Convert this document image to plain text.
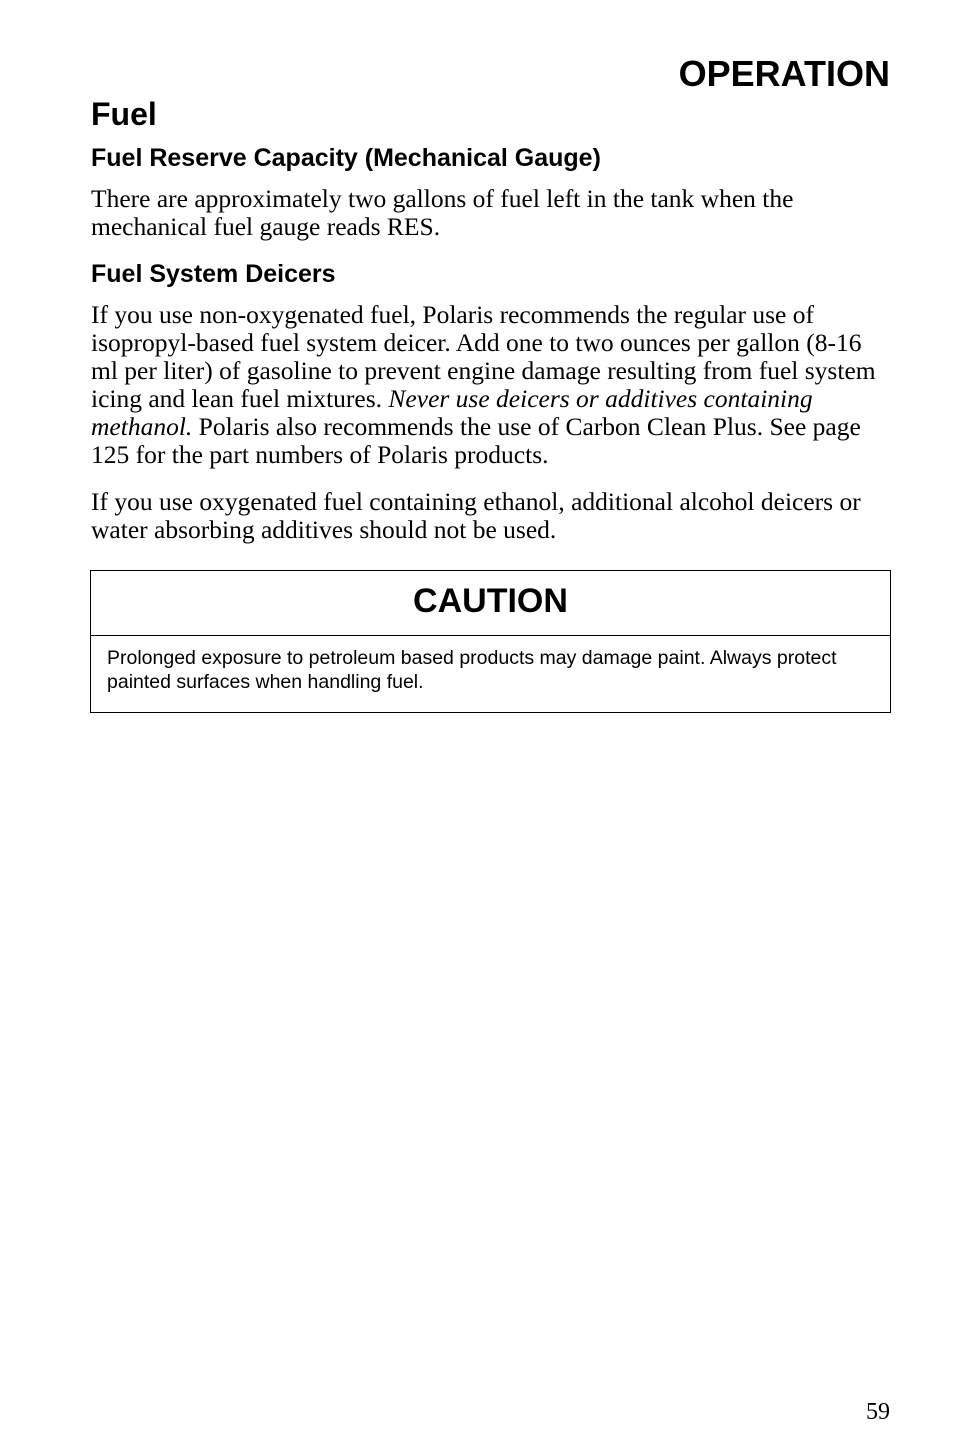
OPERATION
Fuel
Fuel Reserve Capacity (Mechanical Gauge)

There are approximately two gallons of fuel left in the tank when the mechanical fuel gauge reads RES.

Fuel System Deicers

If you use non-oxygenated fuel, Polaris recommends the regular use of isopropyl-based fuel system deicer. Add one to two ounces per gallon (8-16 ml per liter) of gasoline to prevent engine damage resulting from fuel system icing and lean fuel mixtures. Never use deicers or additives containing methanol. Polaris also recommends the use of Carbon Clean Plus. See page 125 for the part numbers of Polaris products.

If you use oxygenated fuel containing ethanol, additional alcohol deicers or water absorbing additives should not be used.

CAUTION
Prolonged exposure to petroleum based products may damage paint. Always protect painted surfaces when handling fuel.
59
